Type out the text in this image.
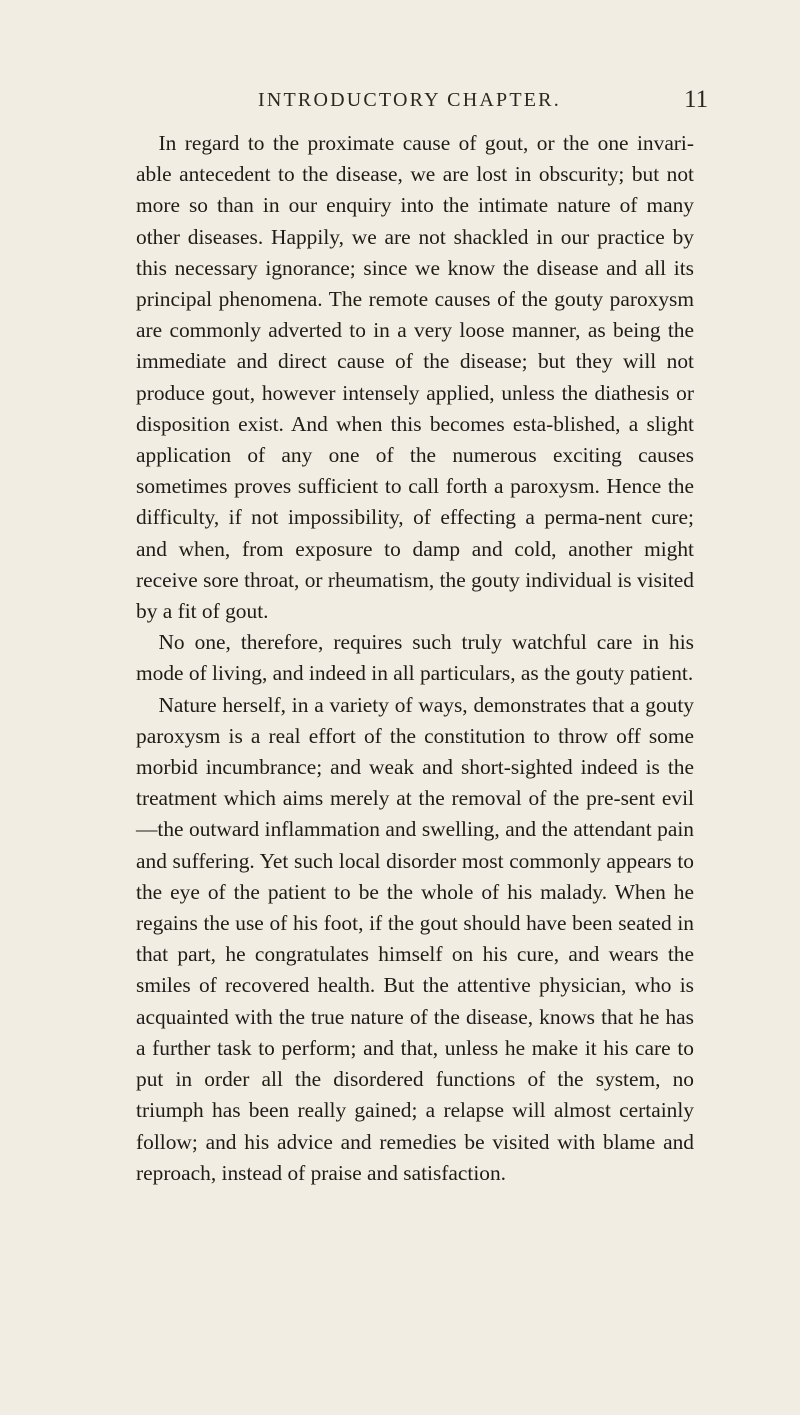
INTRODUCTORY CHAPTER.	11

In regard to the proximate cause of gout, or the one invari-able antecedent to the disease, we are lost in obscurity; but not more so than in our enquiry into the intimate nature of many other diseases. Happily, we are not shackled in our practice by this necessary ignorance; since we know the disease and all its principal phenomena. The remote causes of the gouty paroxysm are commonly adverted to in a very loose manner, as being the immediate and direct cause of the disease; but they will not produce gout, however intensely applied, unless the diathesis or disposition exist. And when this becomes esta-blished, a slight application of any one of the numerous exciting causes sometimes proves sufficient to call forth a paroxysm. Hence the difficulty, if not impossibility, of effecting a perma-nent cure; and when, from exposure to damp and cold, another might receive sore throat, or rheumatism, the gouty individual is visited by a fit of gout.

No one, therefore, requires such truly watchful care in his mode of living, and indeed in all particulars, as the gouty patient.

Nature herself, in a variety of ways, demonstrates that a gouty paroxysm is a real effort of the constitution to throw off some morbid incumbrance; and weak and short-sighted indeed is the treatment which aims merely at the removal of the pre-sent evil—the outward inflammation and swelling, and the attendant pain and suffering. Yet such local disorder most commonly appears to the eye of the patient to be the whole of his malady. When he regains the use of his foot, if the gout should have been seated in that part, he congratulates himself on his cure, and wears the smiles of recovered health. But the attentive physician, who is acquainted with the true nature of the disease, knows that he has a further task to perform; and that, unless he make it his care to put in order all the disordered functions of the system, no triumph has been really gained; a relapse will almost certainly follow; and his advice and remedies be visited with blame and reproach, instead of praise and satisfaction.
